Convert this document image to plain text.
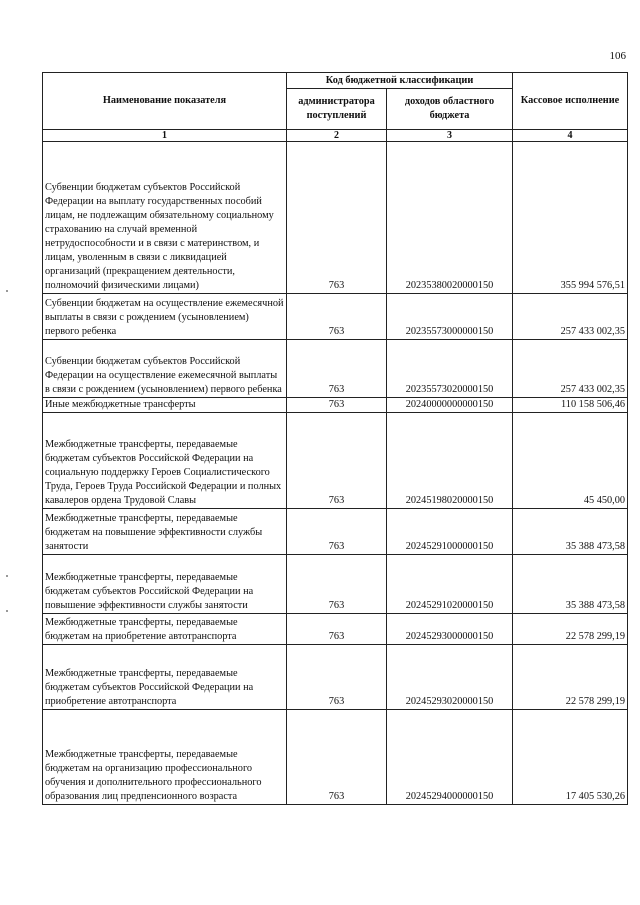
106
Наименование показателя	Код бюджетной классификации		Кассовое исполнение
	администратора поступлений	доходов областного бюджета	
1	2	3	4
Субвенции бюджетам субъектов Российской Федерации на выплату государственных пособий лицам, не подлежащим обязательному социальному страхованию на случай временной нетрудоспособности и в связи с материнством, и лицам, уволенным в связи с ликвидацией организаций (прекращением деятельности, полномочий физическими лицами)	763	20235380020000150	355 994 576,51
Субвенции бюджетам на осуществление ежемесячной выплаты в связи с рождением (усыновлением) первого ребенка	763	20235573000000150	257 433 002,35
Субвенции бюджетам субъектов Российской Федерации на осуществление ежемесячной выплаты в связи с рождением (усыновлением) первого ребенка	763	20235573020000150	257 433 002,35
Иные межбюджетные трансферты	763	20240000000000150	110 158 506,46
Межбюджетные трансферты, передаваемые бюджетам субъектов Российской Федерации на социальную поддержку Героев Социалистического Труда, Героев Труда Российской Федерации и полных кавалеров ордена Трудовой Славы	763	20245198020000150	45 450,00
Межбюджетные трансферты, передаваемые бюджетам на повышение эффективности службы занятости	763	20245291000000150	35 388 473,58
Межбюджетные трансферты, передаваемые бюджетам субъектов Российской Федерации на повышение эффективности службы занятости	763	20245291020000150	35 388 473,58
Межбюджетные трансферты, передаваемые бюджетам на приобретение автотранспорта	763	20245293000000150	22 578 299,19
Межбюджетные трансферты, передаваемые бюджетам субъектов Российской Федерации на приобретение автотранспорта	763	20245293020000150	22 578 299,19
Межбюджетные трансферты, передаваемые бюджетам на организацию профессионального обучения и дополнительного профессионального образования лиц предпенсионного возраста	763	20245294000000150	17 405 530,26
